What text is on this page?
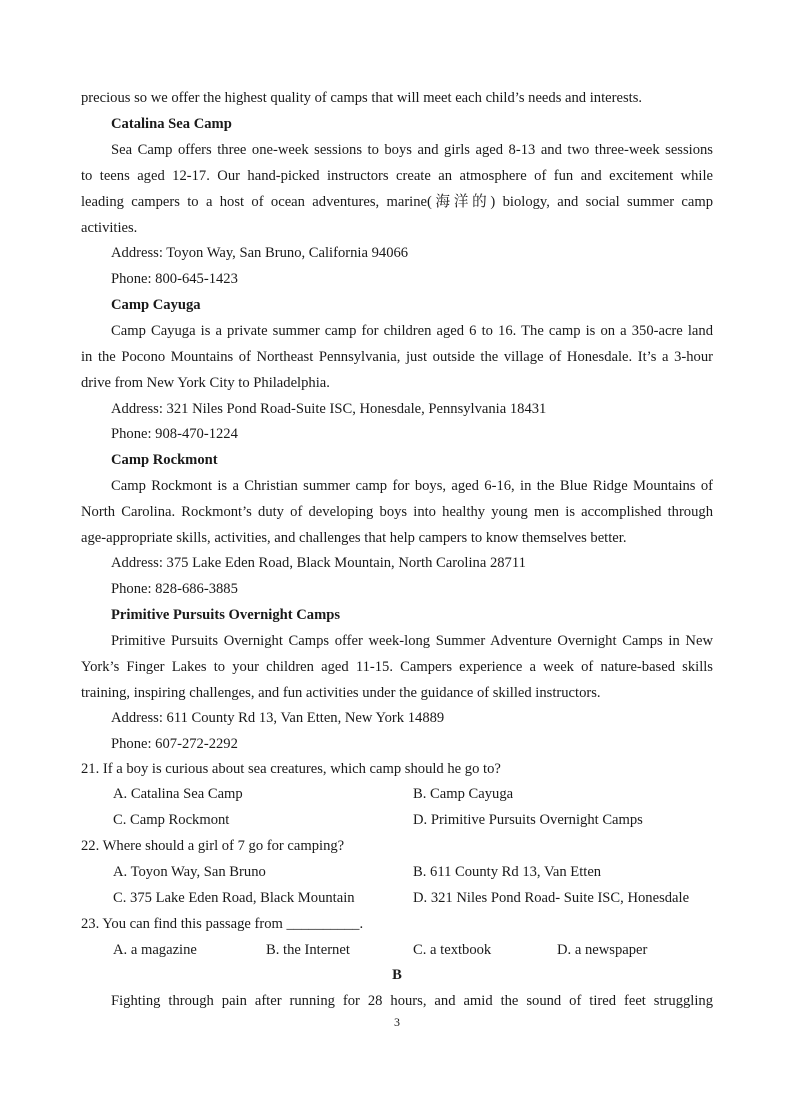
precious so we offer the highest quality of camps that will meet each child’s needs and interests.
Catalina Sea Camp
Sea Camp offers three one-week sessions to boys and girls aged 8-13 and two three-week sessions
to teens aged 12-17. Our hand-picked instructors create an atmosphere of fun and excitement while
leading campers to a host of ocean adventures, marine(海洋的) biology, and social summer camp
activities.
Address: Toyon Way, San Bruno, California 94066
Phone: 800-645-1423
Camp Cayuga
Camp Cayuga is a private summer camp for children aged 6 to 16. The camp is on a 350-acre land
in the Pocono Mountains of Northeast Pennsylvania, just outside the village of Honesdale. It’s a 3-hour
drive from New York City to Philadelphia.
Address: 321 Niles Pond Road-Suite ISC, Honesdale, Pennsylvania 18431
Phone: 908-470-1224
Camp Rockmont
Camp Rockmont is a Christian summer camp for boys, aged 6-16, in the Blue Ridge Mountains of
North Carolina. Rockmont’s duty of developing boys into healthy young men is accomplished through
age-appropriate skills, activities, and challenges that help campers to know themselves better.
Address: 375 Lake Eden Road, Black Mountain, North Carolina 28711
Phone: 828-686-3885
Primitive Pursuits Overnight Camps
Primitive Pursuits Overnight Camps offer week-long Summer Adventure Overnight Camps in New
York’s Finger Lakes to your children aged 11-15. Campers experience a week of nature-based skills
training, inspiring challenges, and fun activities under the guidance of skilled instructors.
Address: 611 County Rd 13, Van Etten, New York 14889
Phone: 607-272-2292
21. If a boy is curious about sea creatures, which camp should he go to?
A. Catalina Sea Camp	B. Camp Cayuga
C. Camp Rockmont	D. Primitive Pursuits Overnight Camps
22. Where should a girl of 7 go for camping?
A. Toyon Way, San Bruno	B. 611 County Rd 13, Van Etten
C. 375 Lake Eden Road, Black Mountain	D. 321 Niles Pond Road- Suite ISC, Honesdale
23. You can find this passage from __________.
A. a magazine	B. the Internet	C. a textbook	D. a newspaper
B
Fighting through pain after running for 28 hours, and amid the sound of tired feet struggling
3
